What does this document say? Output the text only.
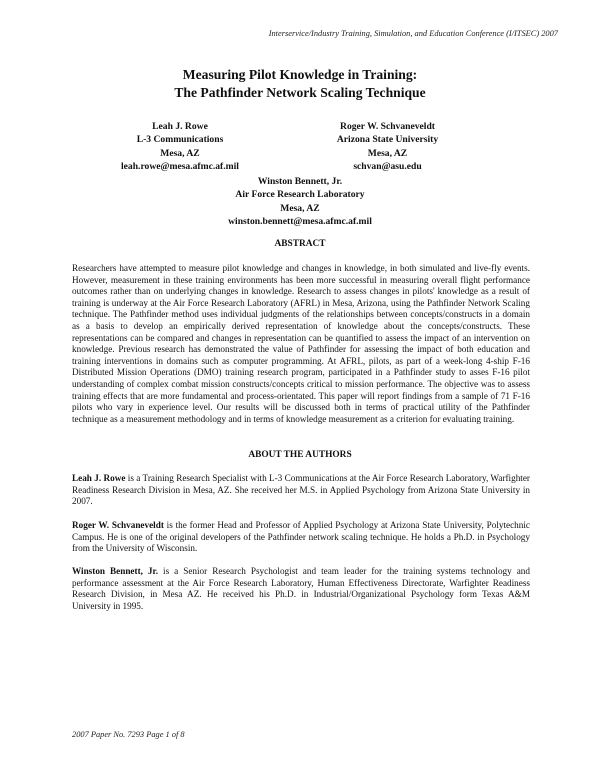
Interservice/Industry Training, Simulation, and Education Conference (I/ITSEC) 2007
Measuring Pilot Knowledge in Training:
The Pathfinder Network Scaling Technique
Leah J. Rowe
L-3 Communications
Mesa, AZ
leah.rowe@mesa.afmc.af.mil
Roger W. Schvaneveldt
Arizona State University
Mesa, AZ
schvan@asu.edu
Winston Bennett, Jr.
Air Force Research Laboratory
Mesa, AZ
winston.bennett@mesa.afmc.af.mil
ABSTRACT
Researchers have attempted to measure pilot knowledge and changes in knowledge, in both simulated and live-fly events. However, measurement in these training environments has been more successful in measuring overall flight performance outcomes rather than on underlying changes in knowledge. Research to assess changes in pilots' knowledge as a result of training is underway at the Air Force Research Laboratory (AFRL) in Mesa, Arizona, using the Pathfinder Network Scaling technique. The Pathfinder method uses individual judgments of the relationships between concepts/constructs in a domain as a basis to develop an empirically derived representation of knowledge about the concepts/constructs. These representations can be compared and changes in representation can be quantified to assess the impact of an intervention on knowledge. Previous research has demonstrated the value of Pathfinder for assessing the impact of both education and training interventions in domains such as computer programming. At AFRL, pilots, as part of a week-long 4-ship F-16 Distributed Mission Operations (DMO) training research program, participated in a Pathfinder study to asses F-16 pilot understanding of complex combat mission constructs/concepts critical to mission performance. The objective was to assess training effects that are more fundamental and process-orientated. This paper will report findings from a sample of 71 F-16 pilots who vary in experience level. Our results will be discussed both in terms of practical utility of the Pathfinder technique as a measurement methodology and in terms of knowledge measurement as a criterion for evaluating training.
ABOUT THE AUTHORS
Leah J. Rowe is a Training Research Specialist with L-3 Communications at the Air Force Research Laboratory, Warfighter Readiness Research Division in Mesa, AZ. She received her M.S. in Applied Psychology from Arizona State University in 2007.
Roger W. Schvaneveldt is the former Head and Professor of Applied Psychology at Arizona State University, Polytechnic Campus. He is one of the original developers of the Pathfinder network scaling technique. He holds a Ph.D. in Psychology from the University of Wisconsin.
Winston Bennett, Jr. is a Senior Research Psychologist and team leader for the training systems technology and performance assessment at the Air Force Research Laboratory, Human Effectiveness Directorate, Warfighter Readiness Research Division, in Mesa AZ. He received his Ph.D. in Industrial/Organizational Psychology form Texas A&M University in 1995.
2007 Paper No. 7293 Page 1 of 8
